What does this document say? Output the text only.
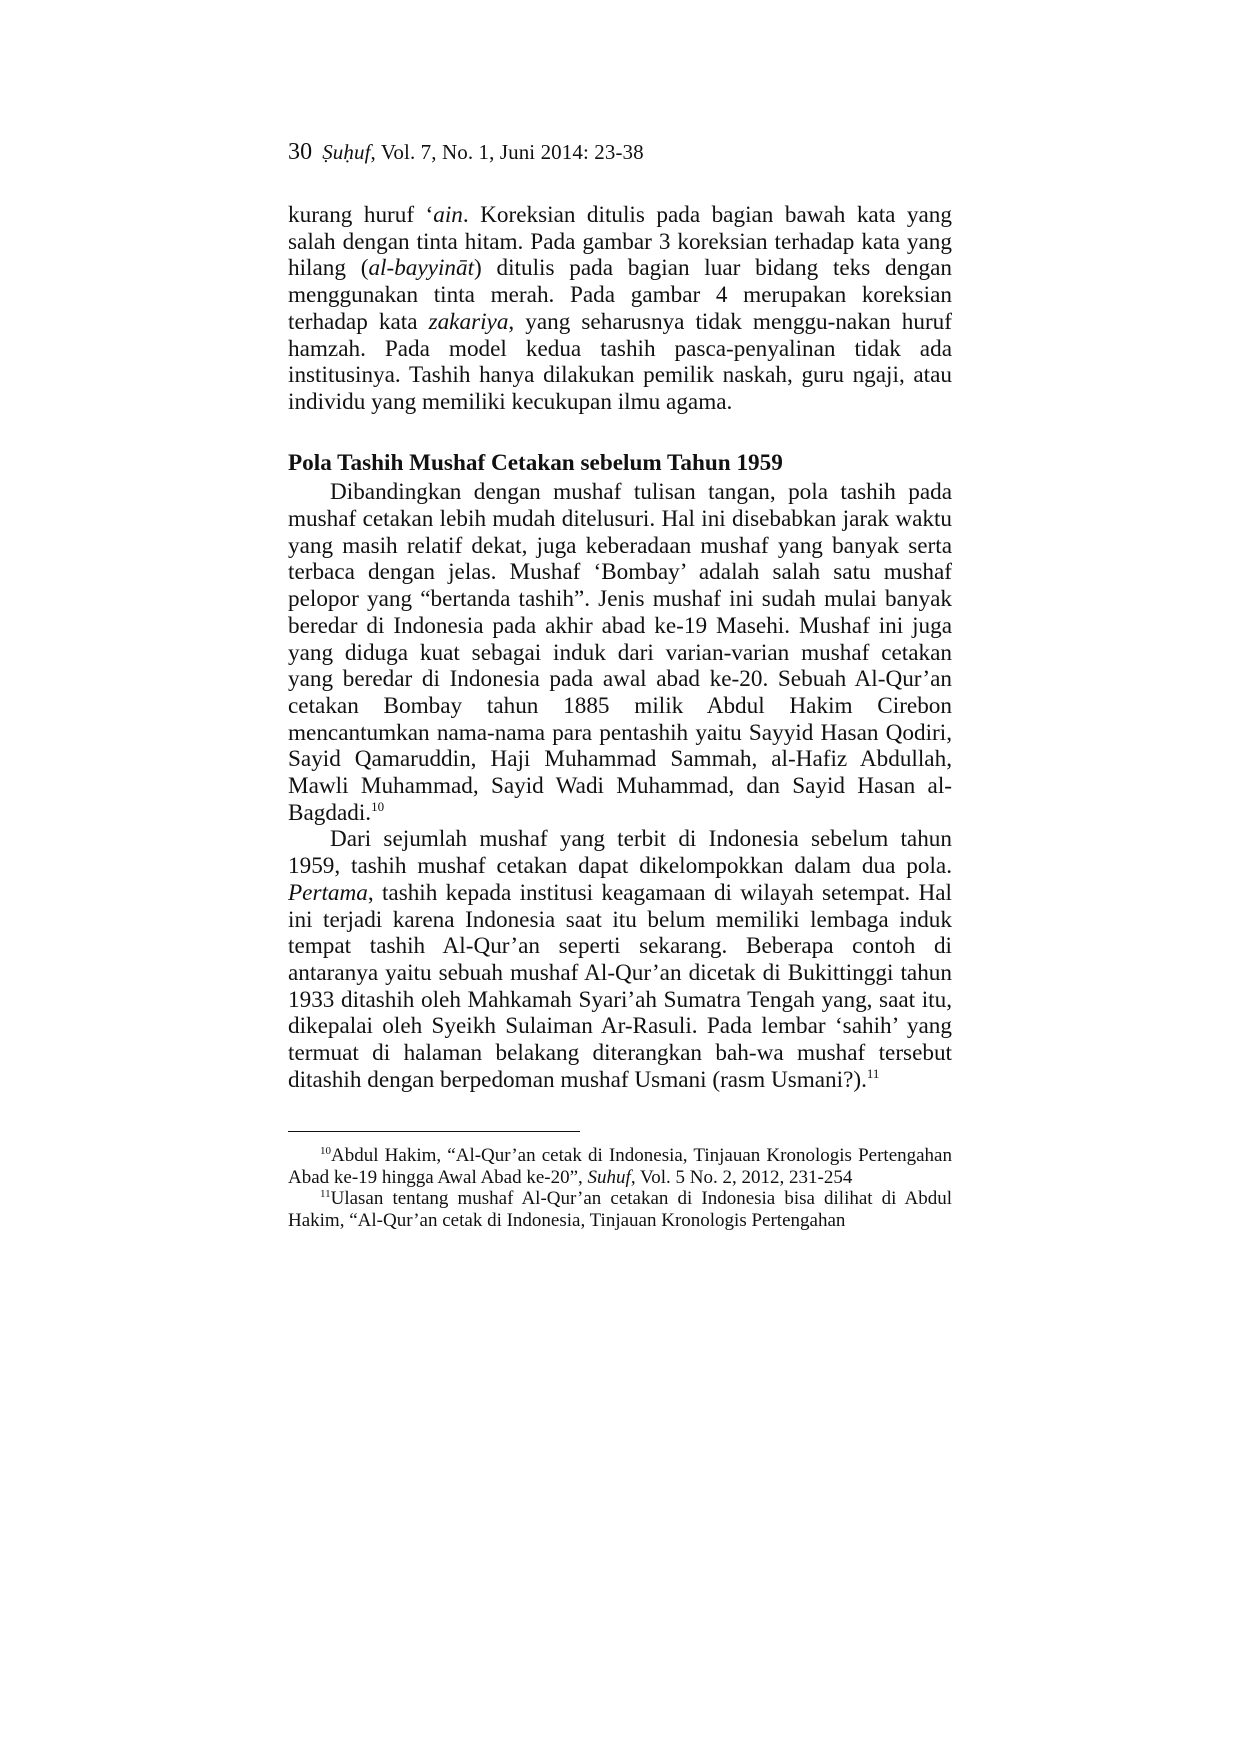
30 Ṣuḥuf, Vol. 7, No. 1, Juni 2014: 23-38

kurang huruf ‘ain. Koreksian ditulis pada bagian bawah kata yang salah dengan tinta hitam. Pada gambar 3 koreksian terhadap kata yang hilang (al-bayyināt) ditulis pada bagian luar bidang teks dengan menggunakan tinta merah. Pada gambar 4 merupakan koreksian terhadap kata zakariya, yang seharusnya tidak menggu-nakan huruf hamzah. Pada model kedua tashih pasca-penyalinan tidak ada institusinya. Tashih hanya dilakukan pemilik naskah, guru ngaji, atau individu yang memiliki kecukupan ilmu agama.

Pola Tashih Mushaf Cetakan sebelum Tahun 1959

Dibandingkan dengan mushaf tulisan tangan, pola tashih pada mushaf cetakan lebih mudah ditelusuri. Hal ini disebabkan jarak waktu yang masih relatif dekat, juga keberadaan mushaf yang banyak serta terbaca dengan jelas. Mushaf ‘Bombay’ adalah salah satu mushaf pelopor yang “bertanda tashih”. Jenis mushaf ini sudah mulai banyak beredar di Indonesia pada akhir abad ke-19 Masehi. Mushaf ini juga yang diduga kuat sebagai induk dari varian-varian mushaf cetakan yang beredar di Indonesia pada awal abad ke-20. Sebuah Al-Qur’an cetakan Bombay tahun 1885 milik Abdul Hakim Cirebon mencantumkan nama-nama para pentashih yaitu Sayyid Hasan Qodiri, Sayid Qamaruddin, Haji Muhammad Sammah, al-Hafiz Abdullah, Mawli Muhammad, Sayid Wadi Muhammad, dan Sayid Hasan al-Bagdadi.$^{10}$

Dari sejumlah mushaf yang terbit di Indonesia sebelum tahun 1959, tashih mushaf cetakan dapat dikelompokkan dalam dua pola. Pertama, tashih kepada institusi keagamaan di wilayah setempat. Hal ini terjadi karena Indonesia saat itu belum memiliki lembaga induk tempat tashih Al-Qur’an seperti sekarang. Beberapa contoh di antaranya yaitu sebuah mushaf Al-Qur’an dicetak di Bukittinggi tahun 1933 ditashih oleh Mahkamah Syari’ah Sumatra Tengah yang, saat itu, dikepalai oleh Syeikh Sulaiman Ar-Rasuli. Pada lembar ‘sahih’ yang termuat di halaman belakang diterangkan bah-wa mushaf tersebut ditashih dengan berpedoman mushaf Usmani (rasm Usmani?).$^{11}$

$^{10}$Abdul Hakim, “Al-Qur’an cetak di Indonesia, Tinjauan Kronologis Pertengahan Abad ke-19 hingga Awal Abad ke-20”, Suhuf, Vol. 5 No. 2, 2012, 231-254

$^{11}$Ulasan tentang mushaf Al-Qur’an cetakan di Indonesia bisa dilihat di Abdul Hakim, “Al-Qur’an cetak di Indonesia, Tinjauan Kronologis Pertengahan
